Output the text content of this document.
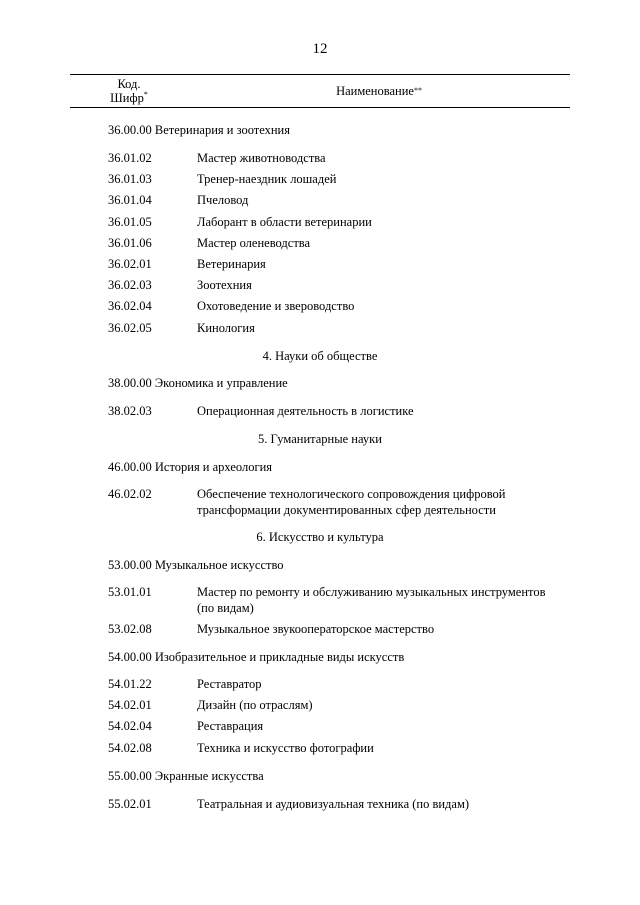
12
Код.
Шифр*	Наименование **
36.00.00 Ветеринария и зоотехния
36.01.02	Мастер животноводства
36.01.03	Тренер-наездник лошадей
36.01.04	Пчеловод
36.01.05	Лаборант в области ветеринарии
36.01.06	Мастер оленеводства
36.02.01	Ветеринария
36.02.03	Зоотехния
36.02.04	Охотоведение и звероводство
36.02.05	Кинология
4. Науки об обществе
38.00.00 Экономика и управление
38.02.03	Операционная деятельность в логистике
5. Гуманитарные науки
46.00.00 История и археология
46.02.02	Обеспечение технологического сопровождения цифровой
трансформации документированных сфер деятельности
6. Искусство и культура
53.00.00 Музыкальное искусство
53.01.01	Мастер по ремонту и обслуживанию музыкальных инструментов
(по видам)
53.02.08	Музыкальное звукооператорское мастерство
54.00.00 Изобразительное и прикладные виды искусств
54.01.22	Реставратор
54.02.01	Дизайн (по отраслям)
54.02.04	Реставрация
54.02.08	Техника и искусство фотографии
55.00.00 Экранные искусства
55.02.01	Театральная и аудиовизуальная техника (по видам)
